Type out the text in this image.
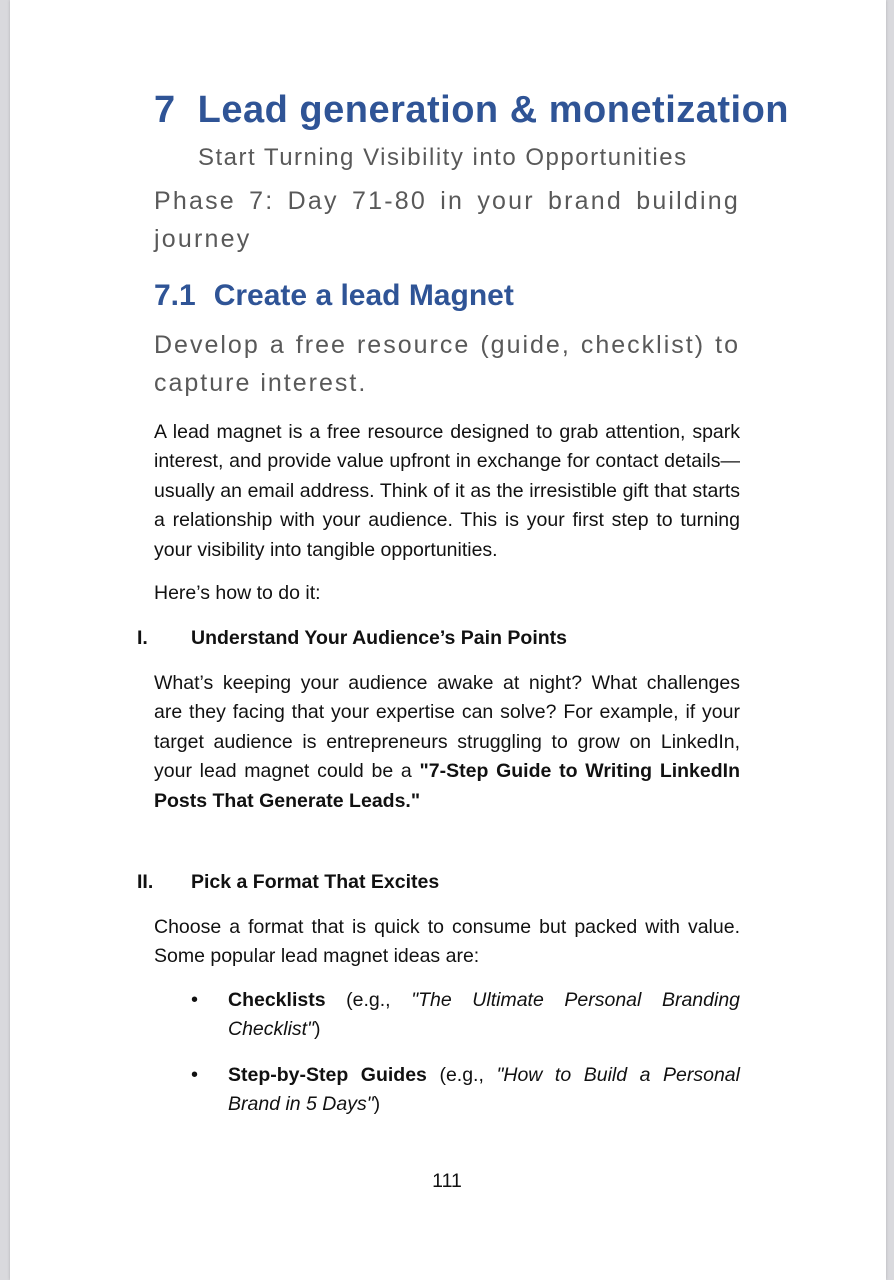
7 Lead generation & monetization
Start Turning Visibility into Opportunities
Phase 7: Day 71-80 in your brand building journey
7.1 Create a lead Magnet
Develop a free resource (guide, checklist) to capture interest.

A lead magnet is a free resource designed to grab attention, spark interest, and provide value upfront in exchange for contact details—usually an email address. Think of it as the irresistible gift that starts a relationship with your audience. This is your first step to turning your visibility into tangible opportunities.

Here’s how to do it:

I. Understand Your Audience’s Pain Points

What’s keeping your audience awake at night? What challenges are they facing that your expertise can solve? For example, if your target audience is entrepreneurs struggling to grow on LinkedIn, your lead magnet could be a "7-Step Guide to Writing LinkedIn Posts That Generate Leads."

II. Pick a Format That Excites

Choose a format that is quick to consume but packed with value. Some popular lead magnet ideas are:

• Checklists (e.g., "The Ultimate Personal Branding Checklist")
• Step-by-Step Guides (e.g., "How to Build a Personal Brand in 5 Days")
111
